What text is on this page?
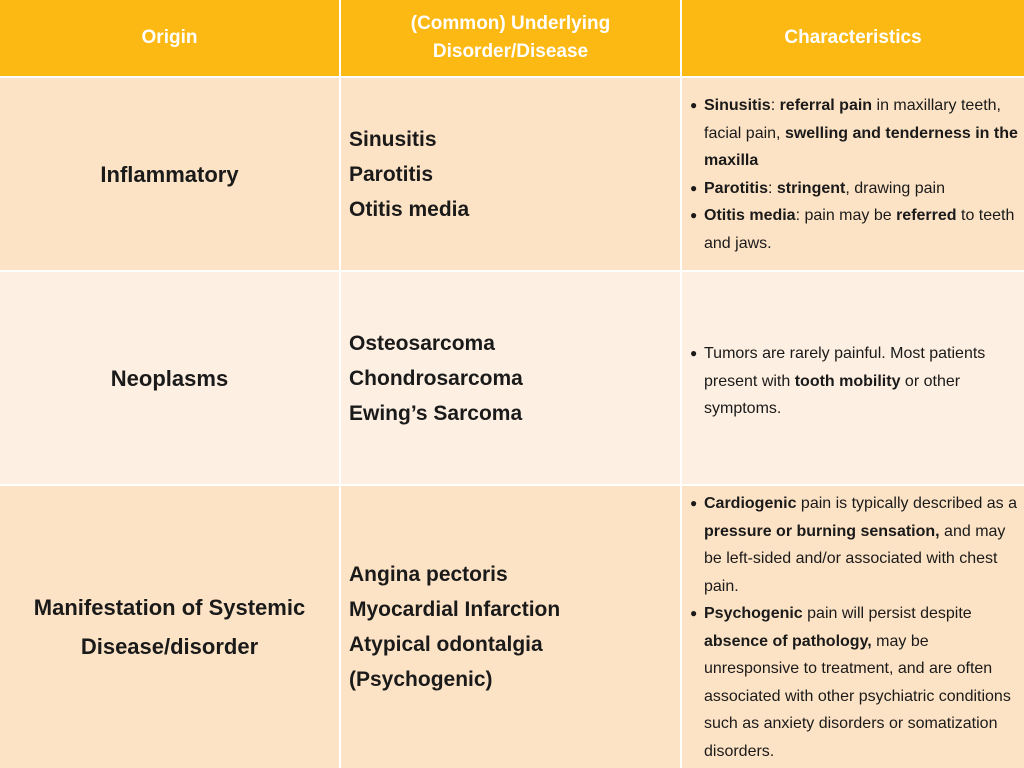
Origin
(Common) Underlying
Disorder/Disease
Characteristics
Inflammatory
Sinusitis
Parotitis
Otitis media
● Sinusitis: referral pain in maxillary teeth, facial pain, swelling and tenderness in the maxilla
● Parotitis: stringent, drawing pain
● Otitis media: pain may be referred to teeth and jaws.
Neoplasms
Osteosarcoma
Chondrosarcoma
Ewing’s Sarcoma
● Tumors are rarely painful. Most patients present with tooth mobility or other symptoms.
Manifestation of Systemic
Disease/disorder
Angina pectoris
Myocardial Infarction
Atypical odontalgia
(Psychogenic)
● Cardiogenic pain is typically described as a pressure or burning sensation, and may be left-sided and/or associated with chest pain.
● Psychogenic pain will persist despite absence of pathology, may be unresponsive to treatment, and are often associated with other psychiatric conditions such as anxiety disorders or somatization disorders.
